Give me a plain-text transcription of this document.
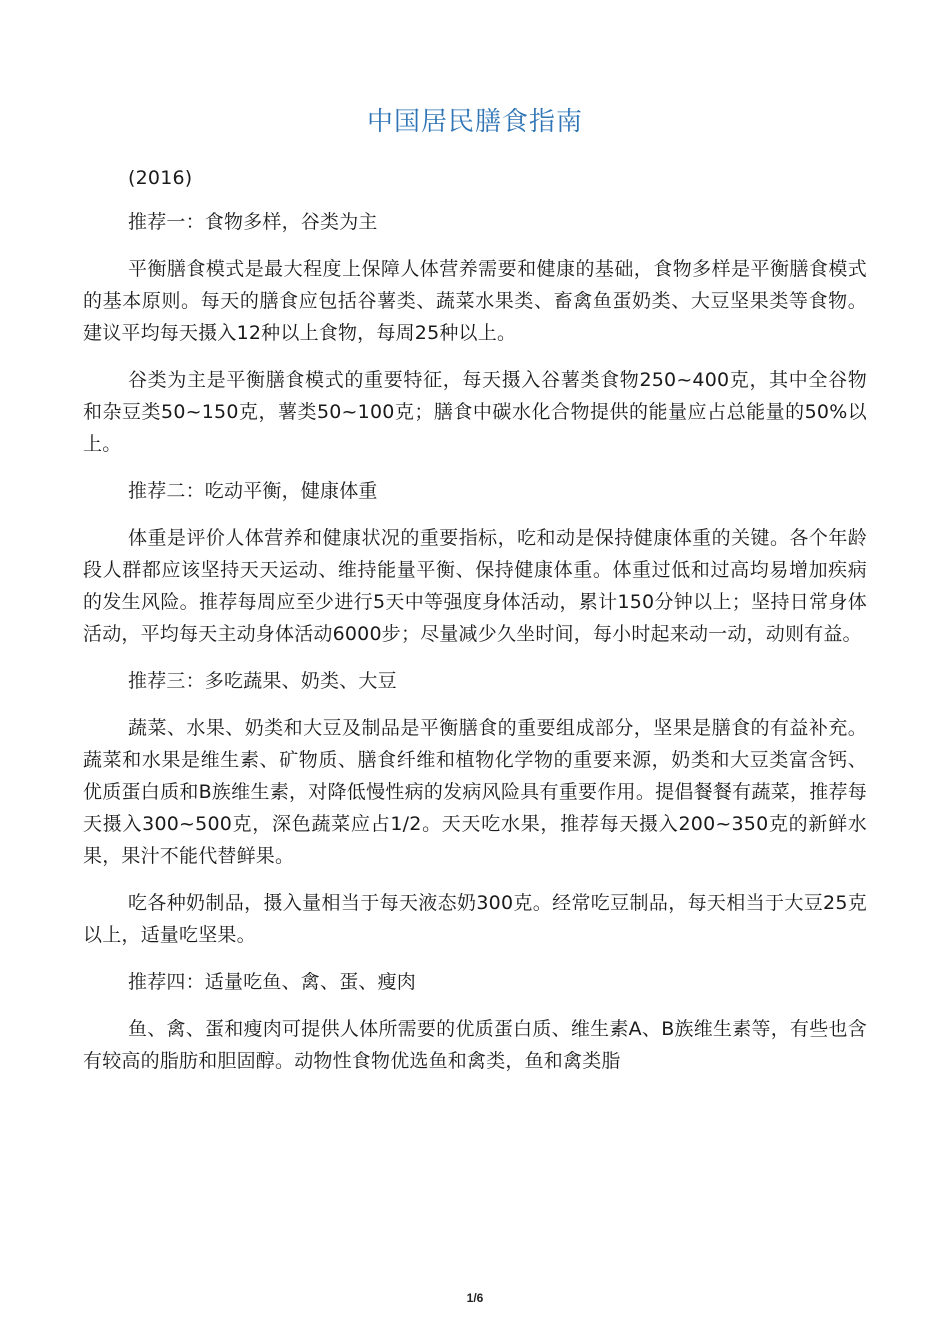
中国居民膳食指南

(2016)

推荐一：食物多样，谷类为主

平衡膳食模式是最大程度上保障人体营养需要和健康的基础，食物多样是平衡膳食模式的基本原则。每天的膳食应包括谷薯类、蔬菜水果类、畜禽鱼蛋奶类、大豆坚果类等食物。建议平均每天摄入12种以上食物，每周25种以上。

谷类为主是平衡膳食模式的重要特征，每天摄入谷薯类食物250~400克，其中全谷物和杂豆类50~150克，薯类50~100克；膳食中碳水化合物提供的能量应占总能量的50%以上。

推荐二：吃动平衡，健康体重

体重是评价人体营养和健康状况的重要指标，吃和动是保持健康体重的关键。各个年龄段人群都应该坚持天天运动、维持能量平衡、保持健康体重。体重过低和过高均易增加疾病的发生风险。推荐每周应至少进行5天中等强度身体活动，累计150分钟以上；坚持日常身体活动，平均每天主动身体活动6000步；尽量减少久坐时间，每小时起来动一动，动则有益。

推荐三：多吃蔬果、奶类、大豆

蔬菜、水果、奶类和大豆及制品是平衡膳食的重要组成部分，坚果是膳食的有益补充。蔬菜和水果是维生素、矿物质、膳食纤维和植物化学物的重要来源，奶类和大豆类富含钙、优质蛋白质和B族维生素，对降低慢性病的发病风险具有重要作用。提倡餐餐有蔬菜，推荐每天摄入300~500克，深色蔬菜应占1/2。天天吃水果，推荐每天摄入200~350克的新鲜水果，果汁不能代替鲜果。

吃各种奶制品，摄入量相当于每天液态奶300克。经常吃豆制品，每天相当于大豆25克以上，适量吃坚果。

推荐四：适量吃鱼、禽、蛋、瘦肉

鱼、禽、蛋和瘦肉可提供人体所需要的优质蛋白质、维生素A、B族维生素等，有些也含有较高的脂肪和胆固醇。动物性食物优选鱼和禽类，鱼和禽类脂

1/6
